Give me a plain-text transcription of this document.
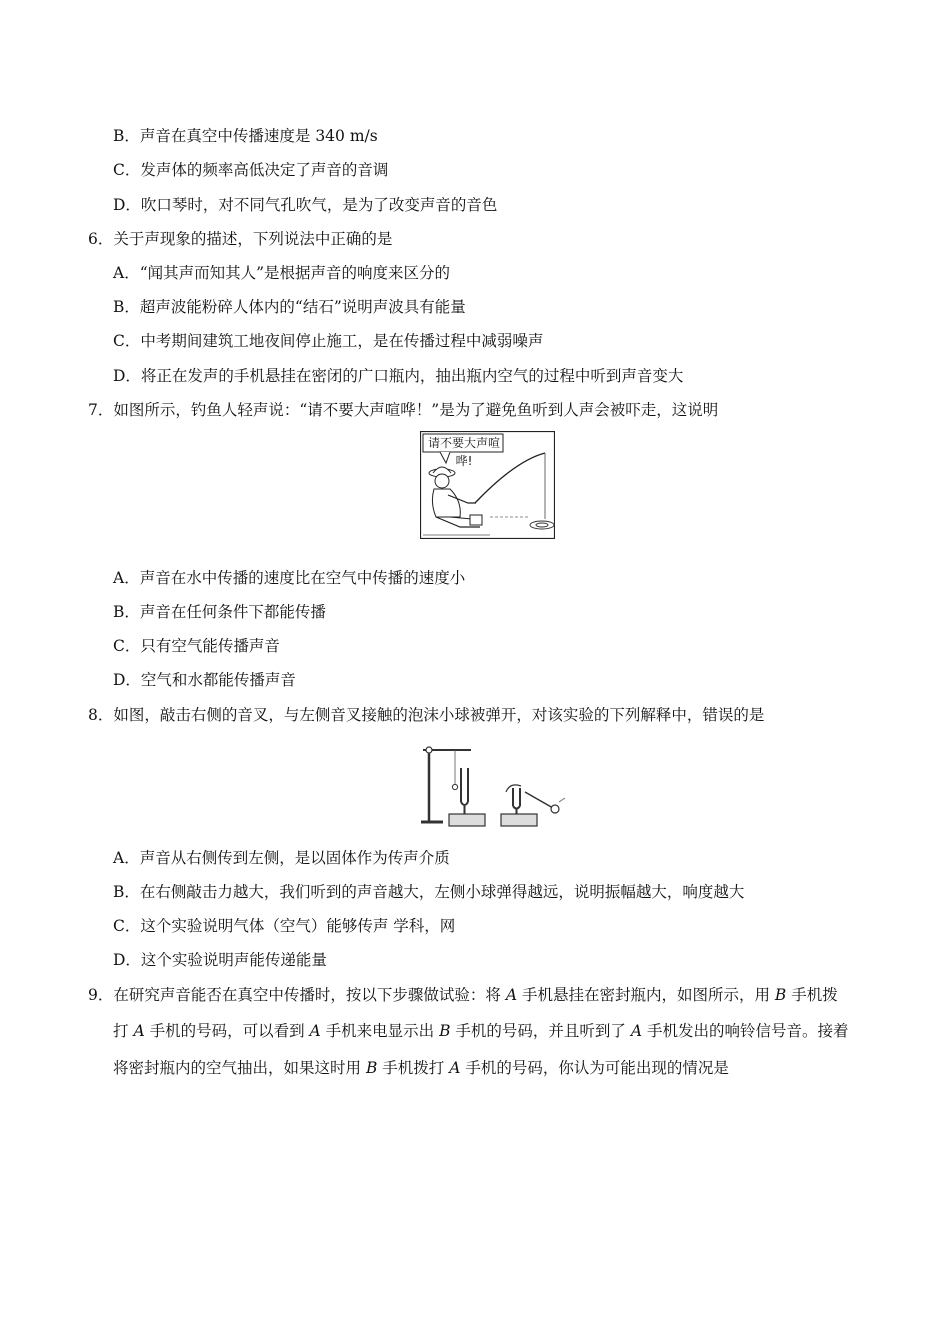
B．声音在真空中传播速度是 340 m/s
C．发声体的频率高低决定了声音的音调
D．吹口琴时，对不同气孔吹气，是为了改变声音的音色
6．关于声现象的描述，下列说法中正确的是
A．“闻其声而知其人”是根据声音的响度来区分的
B．超声波能粉碎人体内的“结石”说明声波具有能量
C．中考期间建筑工地夜间停止施工，是在传播过程中减弱噪声
D．将正在发声的手机悬挂在密闭的广口瓶内，抽出瓶内空气的过程中听到声音变大
7．如图所示，钓鱼人轻声说：“请不要大声喧哗！”是为了避免鱼听到人声会被吓走，这说明
请不要大声喧哗!
A．声音在水中传播的速度比在空气中传播的速度小
B．声音在任何条件下都能传播
C．只有空气能传播声音
D．空气和水都能传播声音
8．如图，敲击右侧的音叉，与左侧音叉接触的泡沫小球被弹开，对该实验的下列解释中，错误的是
A．声音从右侧传到左侧，是以固体作为传声介质
B．在右侧敲击力越大，我们听到的声音越大，左侧小球弹得越远，说明振幅越大，响度越大
C．这个实验说明气体（空气）能够传声 学科，网
D．这个实验说明声能传递能量
9．在研究声音能否在真空中传播时，按以下步骤做试验：将 A 手机悬挂在密封瓶内，如图所示，用 B 手机拨
打 A 手机的号码，可以看到 A 手机来电显示出 B 手机的号码，并且听到了 A 手机发出的响铃信号音。接着
将密封瓶内的空气抽出，如果这时用 B 手机拨打 A 手机的号码，你认为可能出现的情况是
